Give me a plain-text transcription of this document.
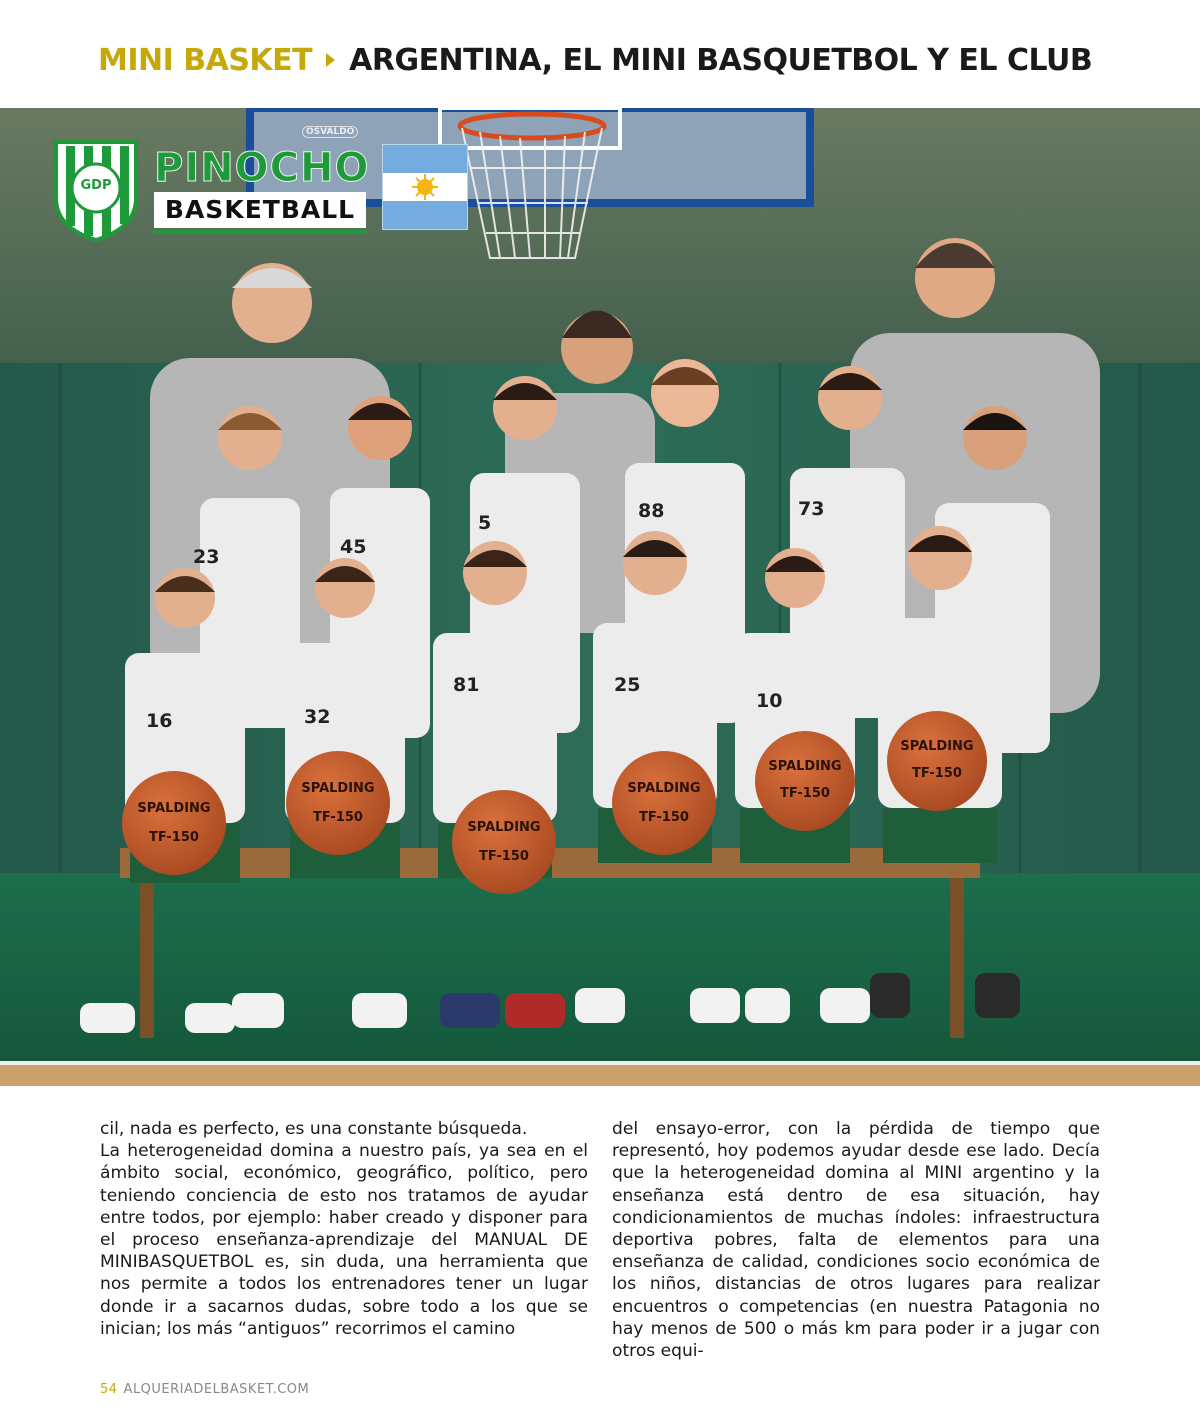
MINI BASKET ARGENTINA, EL MINI BASQUETBOL Y EL CLUB
23	45
5
88	73
16	32
81	25
10
SPALDING
TF-150
SPALDING
TF-150
SPALDING
TF-150
SPALDING
TF-150
SPALDING
TF-150
SPALDING
TF-150
GDP
OSVALDO
PINOCHO
BASKETBALL

cil, nada es perfecto, es una constante búsqueda.

La heterogeneidad domina a nuestro país, ya sea en el ámbito social, económico, geográfico, político, pero teniendo conciencia de esto nos tratamos de ayudar entre todos, por ejemplo: haber creado y disponer para el proceso enseñanza-aprendizaje del MANUAL DE MINIBASQUETBOL es, sin duda, una herramienta que nos permite a todos los entrenadores tener un lugar donde ir a sacarnos dudas, sobre todo a los que se inician; los más “antiguos” recorrimos el camino

del ensayo-error, con la pérdida de tiempo que representó, hoy podemos ayudar desde ese lado. Decía que la heterogeneidad domina al MINI argentino y la enseñanza está dentro de esa situación, hay condicionamientos de muchas índoles: infraestructura deportiva pobres, falta de elementos para una enseñanza de calidad, condiciones socio económica de los niños, distancias de otros lugares para realizar encuentros o competencias (en nuestra Patagonia no hay menos de 500 o más km para poder ir a jugar con otros equi-

54 ALQUERIADELBASKET.COM
